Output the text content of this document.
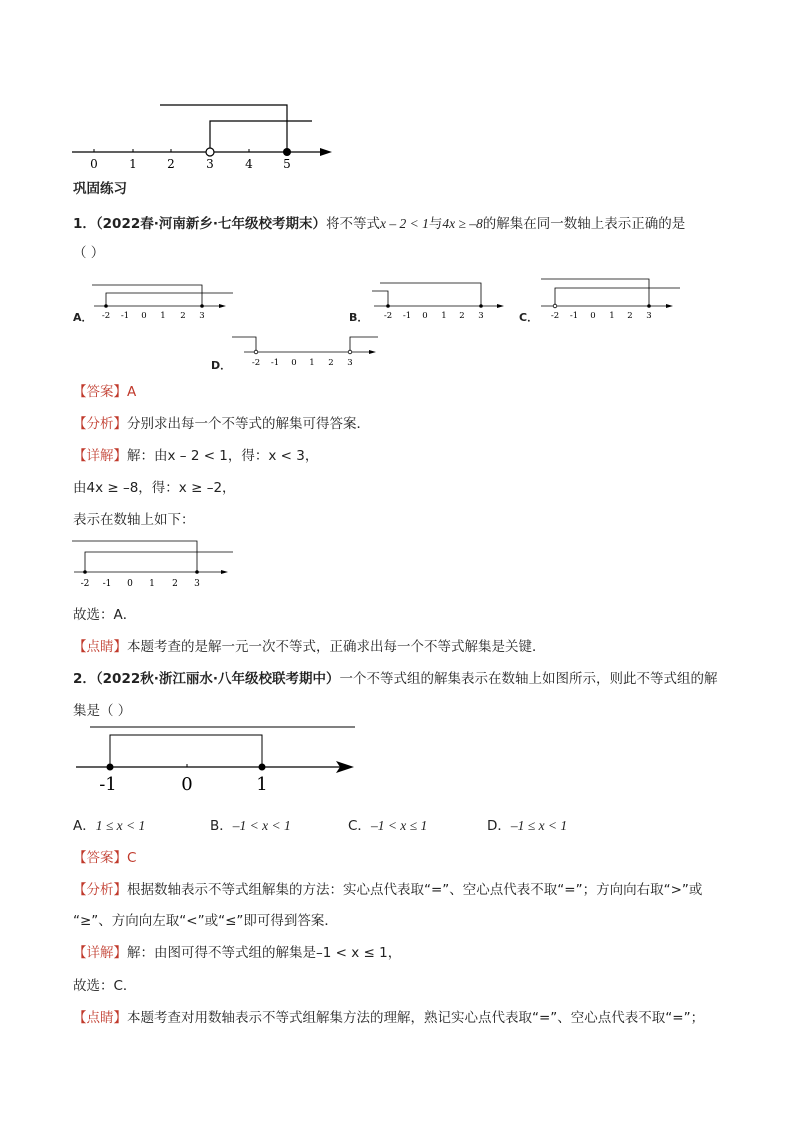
0	1	2	3	4	5
巩固练习
1．（2022春·河南新乡·七年级校考期末）将不等式x – 2 < 1与4x ≥ –8的解集在同一数轴上表示正确的是
（ ）
A． -2 -1 0 1 2 3	B． -2 -1 0 1 2 3	C． -2 -1 0 1 2 3
D． -2 -1 0 1 2 3
【答案】A
【分析】分别求出每一个不等式的解集可得答案．
【详解】解：由x – 2 < 1，得：x < 3，
由4x ≥ –8，得：x ≥ –2，
表示在数轴上如下：
-2 -1 0 1 2 3
故选：A．
【点睛】本题考查的是解一元一次不等式，正确求出每一个不等式解集是关键．
2．（2022秋·浙江丽水·八年级校联考期中）一个不等式组的解集表示在数轴上如图所示，则此不等式组的解
集是（ ）
-1	0	1
A．1 ≤ x < 1	B．–1 < x < 1	C．–1 < x ≤ 1	D．–1 ≤ x < 1
【答案】C
【分析】根据数轴表示不等式组解集的方法：实心点代表取“=”、空心点代表不取“=”；方向向右取“>”或
“≥”、方向向左取“<”或“≤”即可得到答案．
【详解】解：由图可得不等式组的解集是–1 < x ≤ 1，
故选：C．
【点睛】本题考查对用数轴表示不等式组解集方法的理解，熟记实心点代表取“=”、空心点代表不取“=”；
